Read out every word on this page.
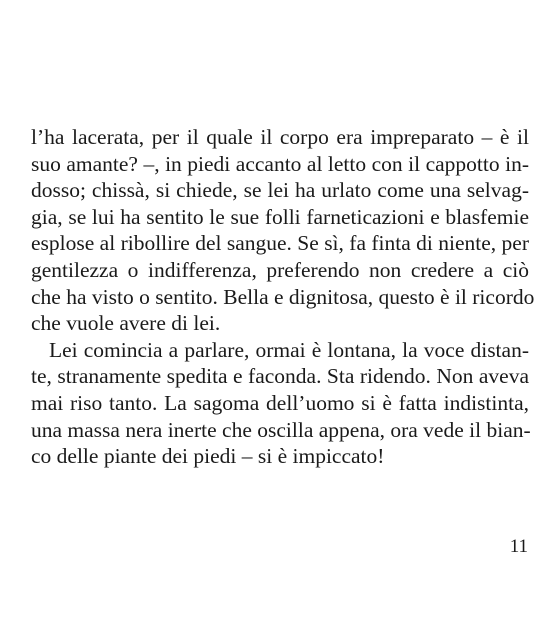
l’ha lacerata, per il quale il corpo era impreparato – è il
suo amante? –, in piedi accanto al letto con il cappotto in-
dosso; chissà, si chiede, se lei ha urlato come una selvag-
gia, se lui ha sentito le sue folli farneticazioni e blasfemie
esplose al ribollire del sangue. Se sì, fa finta di niente, per
gentilezza o indifferenza, preferendo non credere a ciò
che ha visto o sentito. Bella e dignitosa, questo è il ricordo
che vuole avere di lei.
Lei comincia a parlare, ormai è lontana, la voce distan-
te, stranamente spedita e faconda. Sta ridendo. Non aveva
mai riso tanto. La sagoma dell’uomo si è fatta indistinta,
una massa nera inerte che oscilla appena, ora vede il bian-
co delle piante dei piedi – si è impiccato!
11
